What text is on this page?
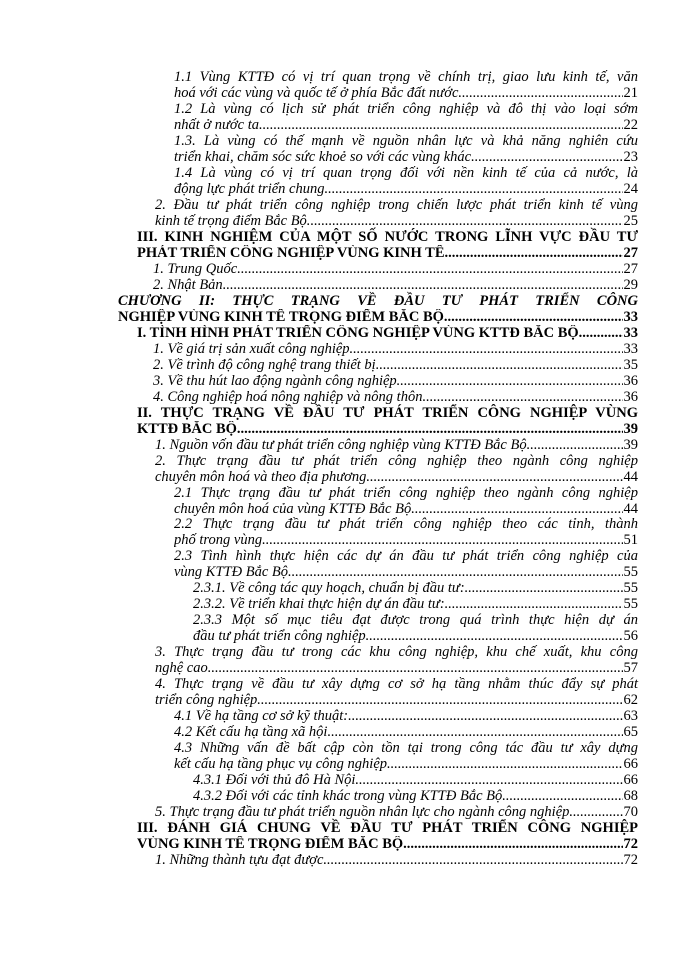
1.1 Vùng KTTĐ có vị trí quan trọng về chính trị, giao lưu kinh tế, văn
hoá với các vùng và quốc tế ở phía Bắc đất nước. .....	21
1.2 Là vùng có lịch sử phát triển công nghiệp và đô thị vào loại sớm
nhất ở nước ta .....	22
1.3. Là vùng có thế mạnh về nguồn nhân lực và khả năng nghiên cứu
triển khai, chăm sóc sức khoẻ so với các vùng khác .....	23
1.4 Là vùng có vị trí quan trọng đối với nền kinh tế của cả nước, là
động lực phát triển chung .....	24
2. Đầu tư phát triển công nghiệp trong chiến lược phát triển kinh tế vùng
kinh tế trọng điểm Bắc Bộ. .....	25
III. KINH NGHIỆM CỦA MỘT SỐ NƯỚC TRONG LĨNH VỰC ĐẦU TƯ
PHÁT TRIỂN CÔNG NGHIỆP VÙNG KINH TẾ. .....	27
1. Trung Quốc .....	27
2. Nhật Bản .....	29
CHƯƠNG II: THỰC TRẠNG VỀ ĐẦU TƯ PHÁT TRIỂN CÔNG
NGHIỆP VÙNG KINH TẾ TRỌNG ĐIỂM BẮC BỘ .....	33
I. TÌNH HÌNH PHÁT TRIỂN CÔNG NGHIỆP VÙNG KTTĐ BẮC BỘ .....	33
1. Về giá trị sản xuất công nghiệp .....	33
2. Về trình độ công nghệ trang thiết bị .....	35
3. Về thu hút lao động ngành công nghiệp .....	36
4. Công nghiệp hoá nông nghiệp và nông thôn. .....	36
II. THỰC TRẠNG VỀ ĐẦU TƯ PHÁT TRIỂN CÔNG NGHIỆP VÙNG
KTTĐ BẮC BỘ .....	39
1. Nguồn vốn đầu tư phát triển công nghiệp vùng KTTĐ Bắc Bộ .....	39
2. Thực trạng đầu tư phát triển công nghiệp theo ngành công nghiệp
chuyên môn hoá và theo địa phương .....	44
2.1 Thực trạng đầu tư phát triển công nghiệp theo ngành công nghiệp
chuyên môn hoá của vùng KTTĐ Bắc Bộ. .....	44
2.2 Thực trạng đầu tư phát triển công nghiệp theo các tỉnh, thành
phố trong vùng. .....	51
2.3 Tình hình thực hiện các dự án đầu tư phát triển công nghiệp của
vùng KTTĐ Bắc Bộ. .....	55
2.3.1. Về công tác quy hoạch, chuẩn bị đầu tư: .....	55
2.3.2. Về triển khai thực hiện dự án đầu tư: .....	55
2.3.3 Một số mục tiêu đạt được trong quá trình thực hiện dự án
đầu tư phát triển công nghiệp. .....	56
3. Thực trạng đầu tư trong các khu công nghiệp, khu chế xuất, khu công
nghệ cao. .....	57
4. Thực trạng về đầu tư xây dựng cơ sở hạ tầng nhằm thúc đẩy sự phát
triển công nghiệp. .....	62
4.1 Về hạ tầng cơ sở kỹ thuật: .....	63
4.2 Kết cấu hạ tầng xã hội .....	65
4.3 Những vấn đề bất cập còn tồn tại trong công tác đầu tư xây dựng
kết cấu hạ tầng phục vụ công nghiệp. .....	66
4.3.1 Đối với thủ đô Hà Nội .....	66
4.3.2 Đối với các tỉnh khác trong vùng KTTĐ Bắc Bộ .....	68
5. Thực trạng đầu tư phát triển nguồn nhân lực cho ngành công nghiệp .....	70
III. ĐÁNH GIÁ CHUNG VỀ ĐẦU TƯ PHÁT TRIỂN CÔNG NGHIỆP
VÙNG KINH TẾ TRỌNG ĐIỂM BẮC BỘ .....	72
1. Những thành tựu đạt được .....	72
